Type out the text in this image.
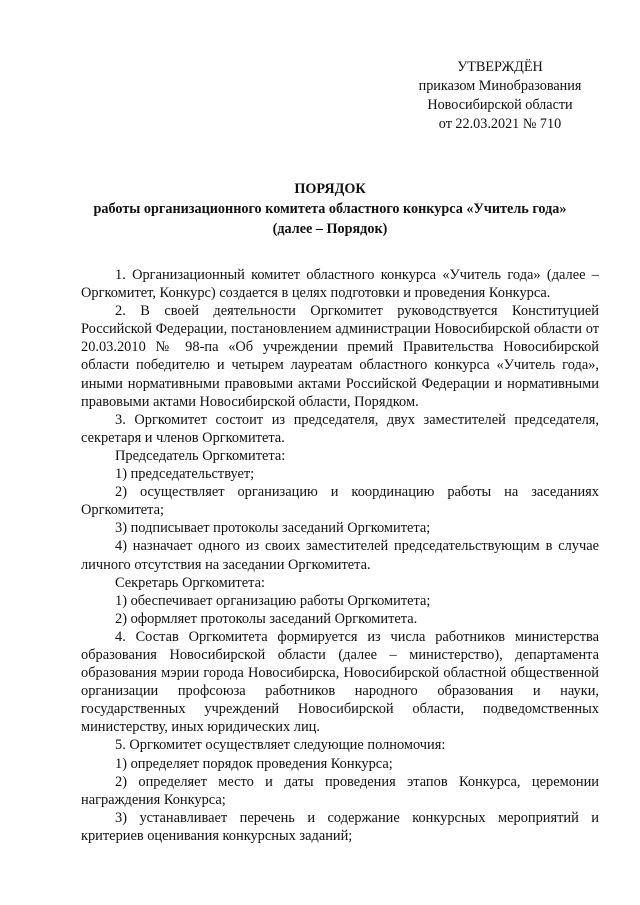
УТВЕРЖДЁН
приказом Минобразования
Новосибирской области
от 22.03.2021 № 710
ПОРЯДОК
работы организационного комитета областного конкурса «Учитель года»
(далее – Порядок)

1. Организационный комитет областного конкурса «Учитель года» (далее – Оргкомитет, Конкурс) создается в целях подготовки и проведения Конкурса.

2. В своей деятельности Оргкомитет руководствуется Конституцией Российской Федерации, постановлением администрации Новосибирской области от 20.03.2010 № 98-па «Об учреждении премий Правительства Новосибирской области победителю и четырем лауреатам областного конкурса «Учитель года», иными нормативными правовыми актами Российской Федерации и нормативными правовыми актами Новосибирской области, Порядком.

3. Оргкомитет состоит из председателя, двух заместителей председателя, секретаря и членов Оргкомитета.

Председатель Оргкомитета:

1) председательствует;

2) осуществляет организацию и координацию работы на заседаниях Оргкомитета;

3) подписывает протоколы заседаний Оргкомитета;

4) назначает одного из своих заместителей председательствующим в случае личного отсутствия на заседании Оргкомитета.

Секретарь Оргкомитета:

1) обеспечивает организацию работы Оргкомитета;

2) оформляет протоколы заседаний Оргкомитета.

4. Состав Оргкомитета формируется из числа работников министерства образования Новосибирской области (далее – министерство), департамента образования мэрии города Новосибирска, Новосибирской областной общественной организации профсоюза работников народного образования и науки, государственных учреждений Новосибирской области, подведомственных министерству, иных юридических лиц.

5. Оргкомитет осуществляет следующие полномочия:

1) определяет порядок проведения Конкурса;

2) определяет место и даты проведения этапов Конкурса, церемонии награждения Конкурса;

3) устанавливает перечень и содержание конкурсных мероприятий и критериев оценивания конкурсных заданий;
